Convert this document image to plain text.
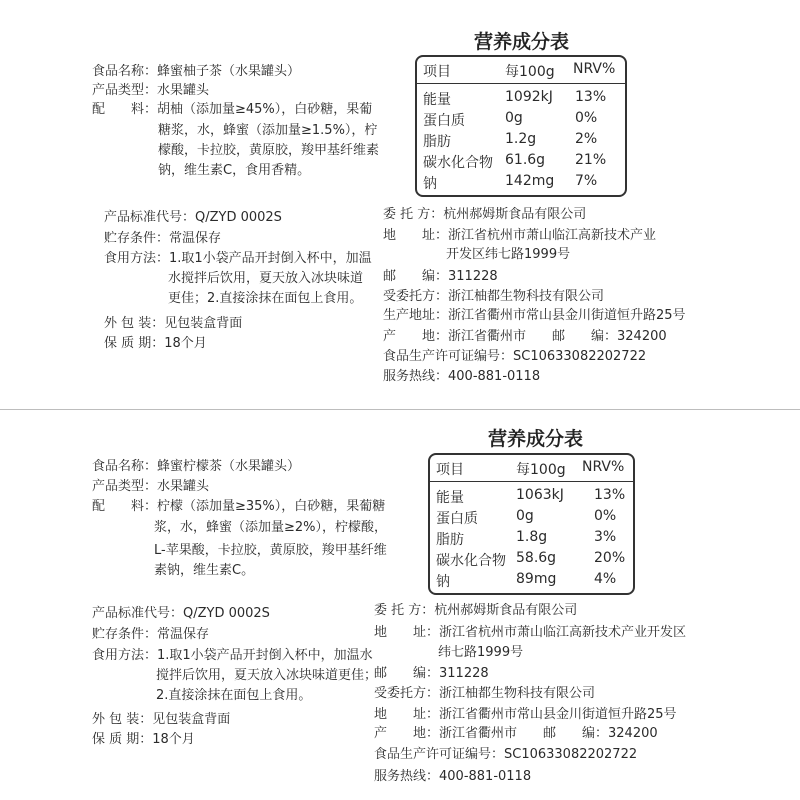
营养成分表
食品名称：蜂蜜柚子茶（水果罐头）
产品类型：水果罐头
配　　料：胡柚（添加量≥45%），白砂糖，果葡
糖浆，水，蜂蜜（添加量≥1.5%），柠
檬酸，卡拉胶，黄原胶，羧甲基纤维素
钠，维生素C，食用香精。
产品标准代号：Q/ZYD 0002S
贮存条件：常温保存
食用方法：1.取1小袋产品开封倒入杯中，加温
水搅拌后饮用，夏天放入冰块味道
更佳；2.直接涂抹在面包上食用。
外 包 装：见包装盒背面
保 质 期：18个月
项目	每100g NRV%
能量	1092kJ 13%
蛋白质	0g	0%
脂肪	1.2g	2%
碳水化合物 61.6g 21%
钠	142mg 7%
委 托 方：杭州郝姆斯食品有限公司
地　　址：浙江省杭州市萧山临江高新技术产业
开发区纬七路1999号
邮　　编：311228
受委托方：浙江柚都生物科技有限公司
生产地址：浙江省衢州市常山县金川街道恒升路25号
产　　地：浙江省衢州市　　邮　　编：324200
食品生产许可证编号：SC10633082202722
服务热线：400-881-0118
营养成分表
食品名称：蜂蜜柠檬茶（水果罐头）
产品类型：水果罐头
配　　料：柠檬（添加量≥35%），白砂糖，果葡糖
浆，水，蜂蜜（添加量≥2%），柠檬酸，
L-苹果酸，卡拉胶，黄原胶，羧甲基纤维
素钠，维生素C。
产品标准代号：Q/ZYD 0002S
贮存条件：常温保存
食用方法：1.取1小袋产品开封倒入杯中，加温水
搅拌后饮用，夏天放入冰块味道更佳；
2.直接涂抹在面包上食用。
外 包 装：见包装盒背面
保 质 期：18个月
项目	每100g NRV%
能量	1063kJ 13%
蛋白质	0g	0%
脂肪	1.8g	3%
碳水化合物 58.6g	20%
钠	89mg	4%
委 托 方：杭州郝姆斯食品有限公司
地　　址：浙江省杭州市萧山临江高新技术产业开发区
纬七路1999号
邮　　编：311228
受委托方：浙江柚都生物科技有限公司
地　　址：浙江省衢州市常山县金川街道恒升路25号
产　　地：浙江省衢州市　　邮　　编：324200
食品生产许可证编号：SC10633082202722
服务热线：400-881-0118
